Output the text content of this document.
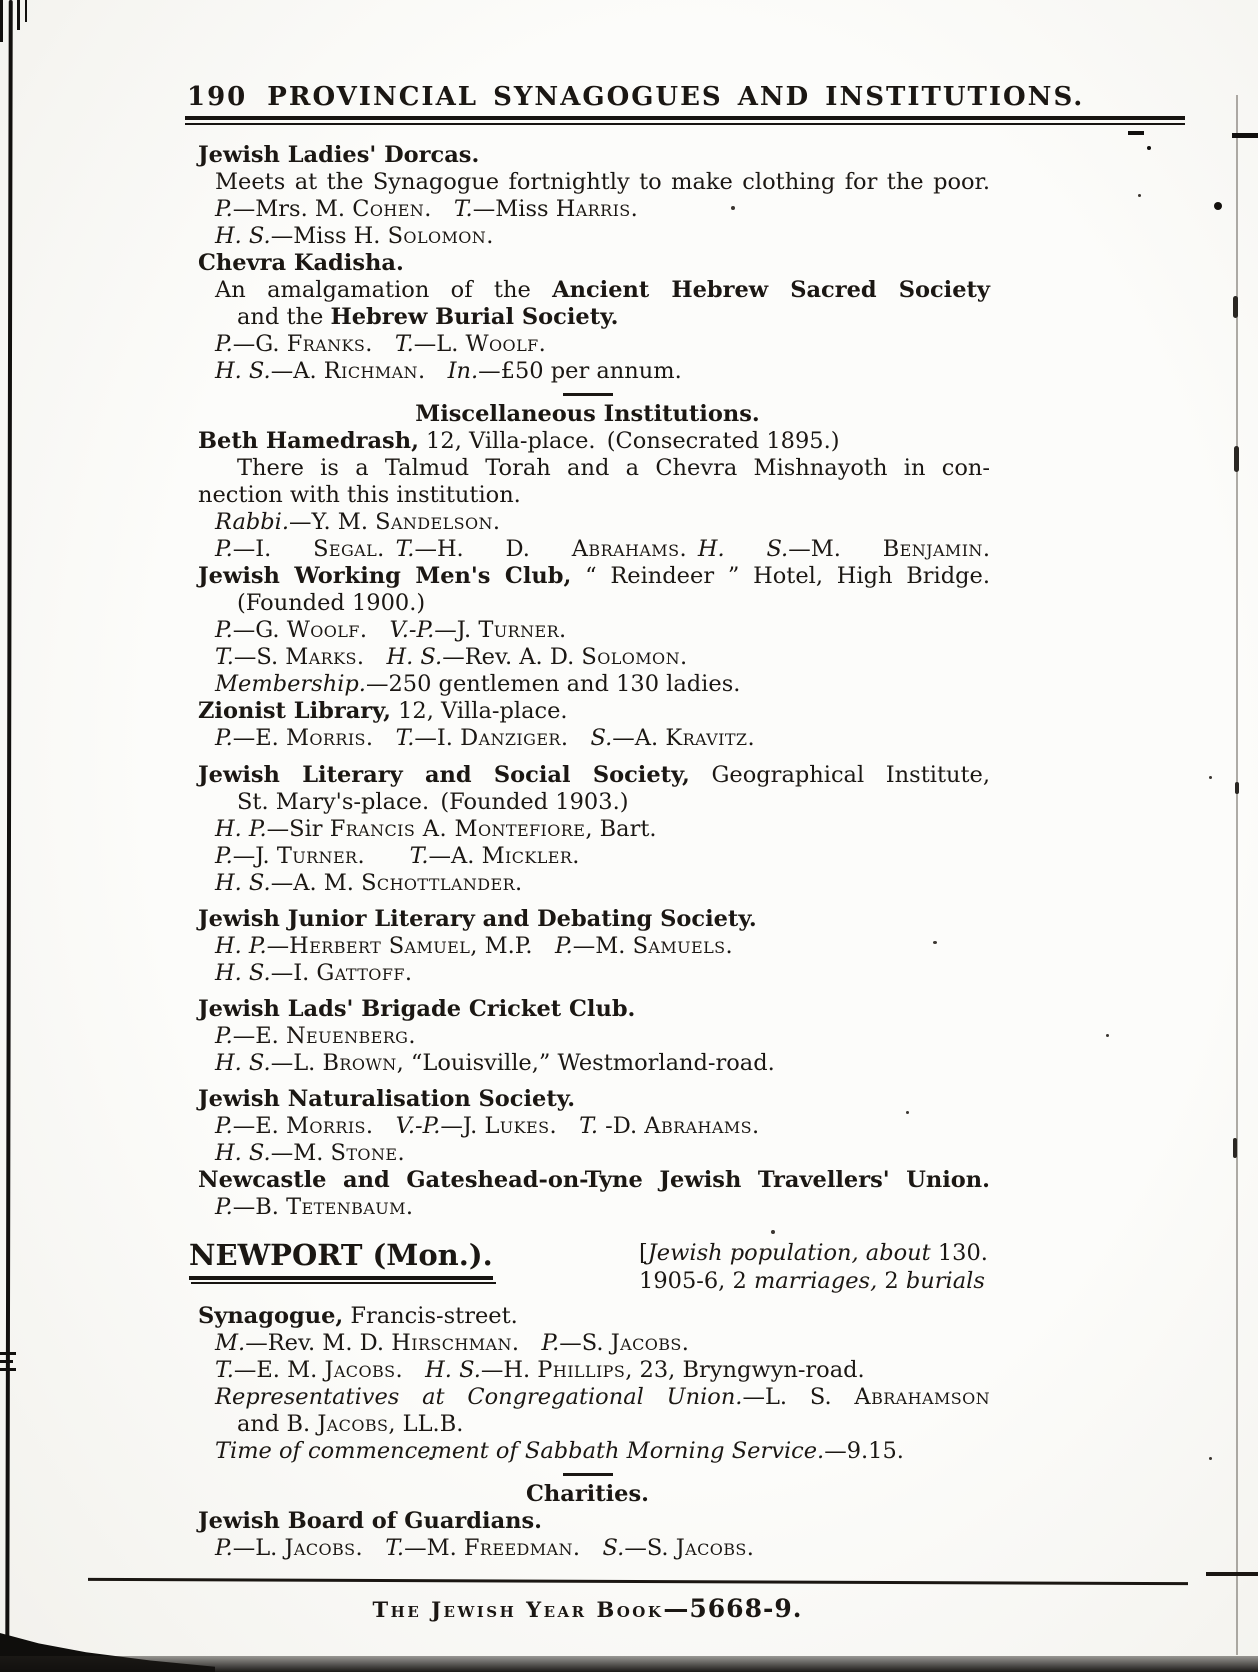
190 PROVINCIAL SYNAGOGUES AND INSTITUTIONS.
Jewish Ladies' Dorcas.
Meets at the Synagogue fortnightly to make clothing for the poor.
P.—Mrs. M. Cohen.  T.—Miss Harris.
H. S.—Miss H. Solomon.
Chevra Kadisha.
An amalgamation of the Ancient Hebrew Sacred Society
and the Hebrew Burial Society.
P.—G. Franks.  T.—L. Woolf.
H. S.—A. Richman.  In.—£50 per annum.
Miscellaneous Institutions.
Beth Hamedrash, 12, Villa-place. (Consecrated 1895.)
There is a Talmud Torah and a Chevra Mishnayoth in con-
nection with this institution.
Rabbi.—Y. M. Sandelson.
P.—I. Segal. T.—H. D. Abrahams. H. S.—M. Benjamin.
Jewish Working Men's Club, “ Reindeer ” Hotel, High Bridge.
(Founded 1900.)
P.—G. Woolf.  V.-P.—J. Turner.
T.—S. Marks.  H. S.—Rev. A. D. Solomon.
Membership.—250 gentlemen and 130 ladies.
Zionist Library, 12, Villa-place.
P.—E. Morris.  T.—I. Danziger.  S.—A. Kravitz.
Jewish Literary and Social Society, Geographical Institute,
St. Mary's-place. (Founded 1903.)
H. P.—Sir Francis A. Montefiore, Bart.
P.—J. Turner.    T.—A. Mickler.
H. S.—A. M. Schottlander.
Jewish Junior Literary and Debating Society.
H. P.—Herbert Samuel, M.P.  P.—M. Samuels.
H. S.—I. Gattoff.
Jewish Lads' Brigade Cricket Club.
P.—E. Neuenberg.
H. S.—L. Brown, “Louisville,” Westmorland-road.
Jewish Naturalisation Society.
P.—E. Morris.  V.-P.—J. Lukes.  T. -D. Abrahams.
H. S.—M. Stone.
Newcastle and Gateshead-on-Tyne Jewish Travellers' Union.
P.—B. Tetenbaum.
NEWPORT (Mon.).	[Jewish population, about 130.
1905-6, 2 marriages, 2 burials
Synagogue, Francis-street.
M.—Rev. M. D. Hirschman.  P.—S. Jacobs.
T.—E. M. Jacobs.  H. S.—H. Phillips, 23, Bryngwyn-road.
Representatives at Congregational Union.—L. S. Abrahamson
and B. Jacobs, LL.B.
Time of commencement of Sabbath Morning Service.—9.15.
Charities.
Jewish Board of Guardians.
P.—L. Jacobs.  T.—M. Freedman.  S.—S. Jacobs.
The Jewish Year Book—5668-9.
